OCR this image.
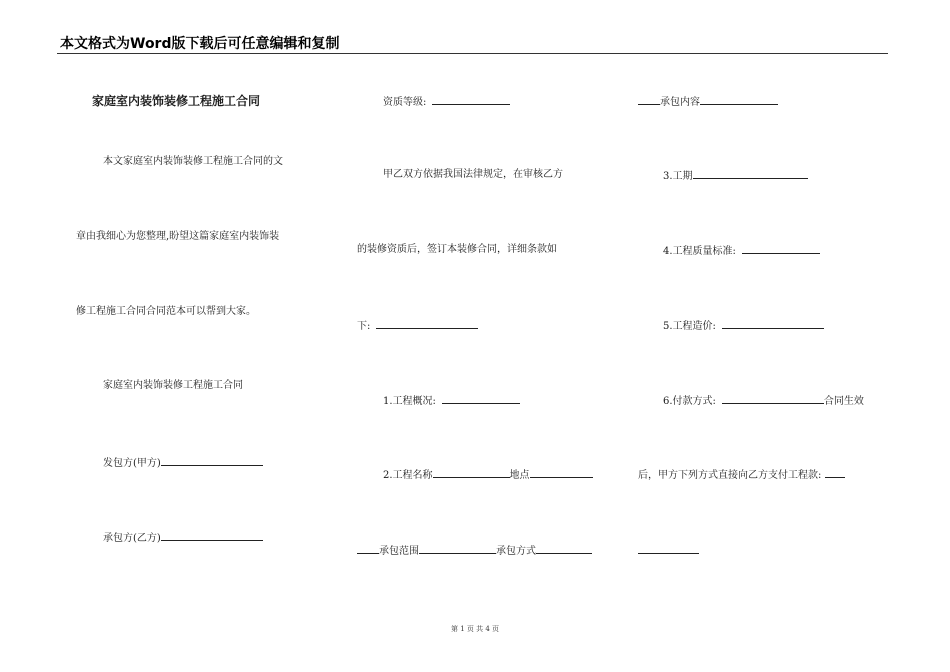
本文格式为Word版下载后可任意编辑和复制
家庭室内装饰装修工程施工合同
本文家庭室内装饰装修工程施工合同的文
章由我细心为您整理,盼望这篇家庭室内装饰装
修工程施工合同合同范本可以帮到大家。
家庭室内装饰装修工程施工合同
发包方(甲方)
承包方(乙方)
资质等级:
甲乙双方依据我国法律规定，在审核乙方
的装修资质后，签订本装修合同，详细条款如
下:
1.工程概况:
2.工程名称	地点
承包范围	承包方式
承包内容
3.工期
4.工程质量标准:
5.工程造价:
6.付款方式:	合同生效
后，甲方下列方式直接向乙方支付工程款:
第 1 页 共 4 页
